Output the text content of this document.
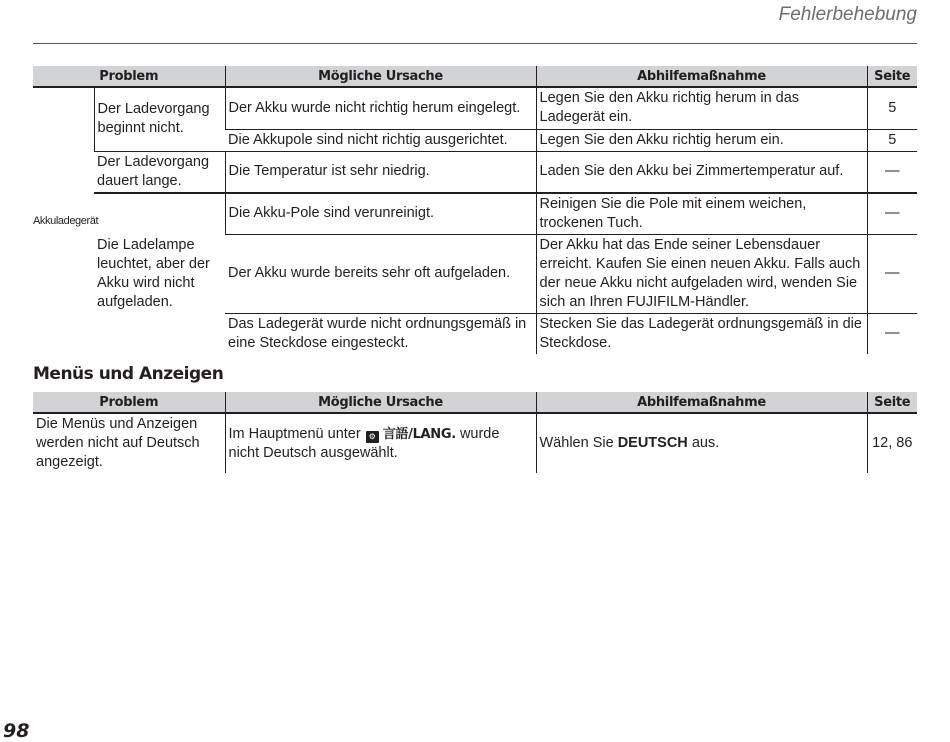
Fehlerbehebung
Problem		Mögliche Ursache	Abhilfemaßnahme	Seite
Akkuladegerät	Der Ladevorgang beginnt nicht.	Der Akku wurde nicht richtig herum eingelegt.	Legen Sie den Akku richtig herum in das Ladegerät ein.	5
		Die Akkupole sind nicht richtig ausgerichtet.	Legen Sie den Akku richtig herum ein.	5
	Der Ladevorgang dauert lange.	Die Temperatur ist sehr niedrig.	Laden Sie den Akku bei Zimmertemperatur auf.	—
	Die Ladelampe leuchtet, aber der Akku wird nicht aufgeladen.	Die Akku-Pole sind verunreinigt.	Reinigen Sie die Pole mit einem weichen, trockenen Tuch.	—
		Der Akku wurde bereits sehr oft aufgeladen.	Der Akku hat das Ende seiner Lebensdauer erreicht. Kaufen Sie einen neuen Akku. Falls auch der neue Akku nicht aufgeladen wird, wenden Sie sich an Ihren FUJIFILM-Händler.	—
		Das Ladegerät wurde nicht ordnungsgemäß in eine Steckdose eingesteckt.	Stecken Sie das Ladegerät ordnungsgemäß in die Steckdose.	—
Menüs und Anzeigen
Problem	Mögliche Ursache	Abhilfemaßnahme	Seite
Die Menüs und Anzeigen werden nicht auf Deutsch angezeigt.	Im Hauptmenü unter ⚙ 言語/LANG. wurde nicht Deutsch ausgewählt.	Wählen Sie DEUTSCH aus.	12, 86
98
